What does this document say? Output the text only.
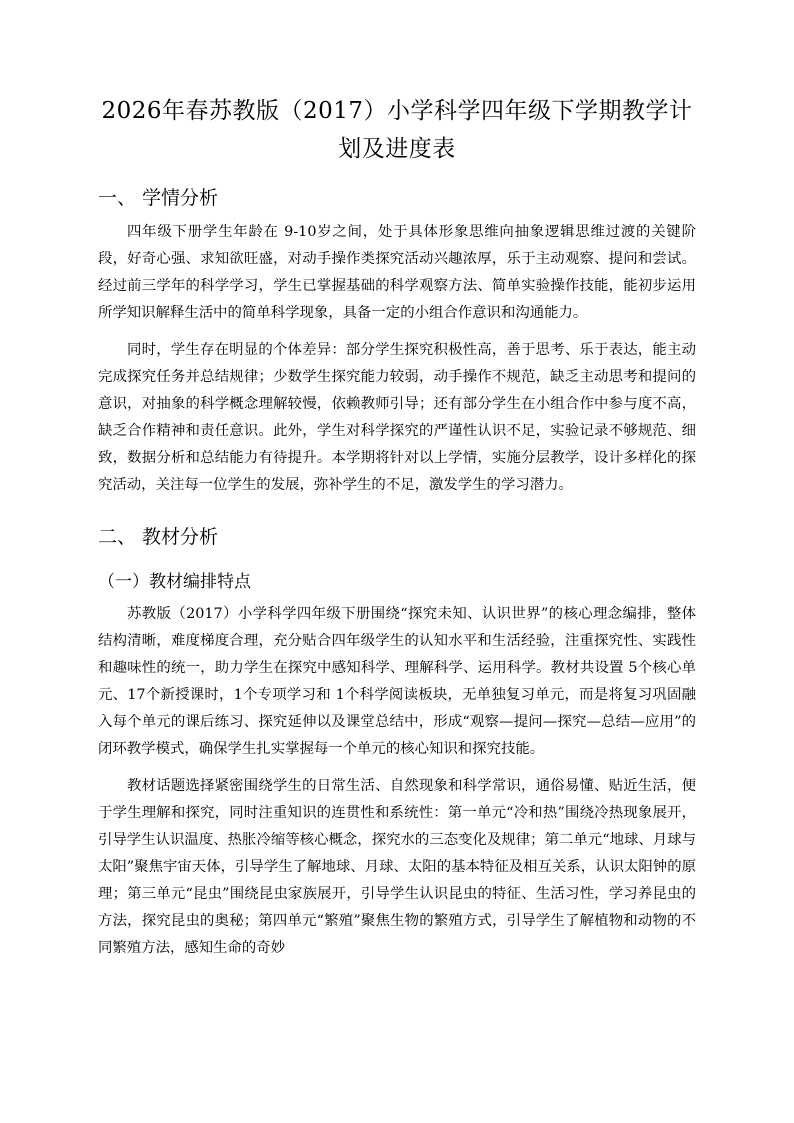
2026年春苏教版（2017）小学科学四年级下学期教学计
划及进度表
一、 学情分析

四年级下册学生年龄在 9-10岁之间，处于具体形象思维向抽象逻辑思维过渡的关键阶段，好奇心强、求知欲旺盛，对动手操作类探究活动兴趣浓厚，乐于主动观察、提问和尝试。经过前三学年的科学学习，学生已掌握基础的科学观察方法、简单实验操作技能，能初步运用所学知识解释生活中的简单科学现象，具备一定的小组合作意识和沟通能力。

同时，学生存在明显的个体差异：部分学生探究积极性高，善于思考、乐于表达，能主动完成探究任务并总结规律；少数学生探究能力较弱，动手操作不规范，缺乏主动思考和提问的意识，对抽象的科学概念理解较慢，依赖教师引导；还有部分学生在小组合作中参与度不高，缺乏合作精神和责任意识。此外，学生对科学探究的严谨性认识不足，实验记录不够规范、细致，数据分析和总结能力有待提升。本学期将针对以上学情，实施分层教学，设计多样化的探究活动，关注每一位学生的发展，弥补学生的不足，激发学生的学习潜力。

二、 教材分析
（一）教材编排特点

苏教版（2017）小学科学四年级下册围绕“探究未知、认识世界”的核心理念编排，整体结构清晰，难度梯度合理，充分贴合四年级学生的认知水平和生活经验，注重探究性、实践性和趣味性的统一，助力学生在探究中感知科学、理解科学、运用科学。教材共设置 5个核心单元、17个新授课时，1个专项学习和 1个科学阅读板块，无单独复习单元，而是将复习巩固融入每个单元的课后练习、探究延伸以及课堂总结中，形成“观察—提问—探究—总结—应用”的闭环教学模式，确保学生扎实掌握每一个单元的核心知识和探究技能。

教材话题选择紧密围绕学生的日常生活、自然现象和科学常识，通俗易懂、贴近生活，便于学生理解和探究，同时注重知识的连贯性和系统性：第一单元“冷和热”围绕冷热现象展开，引导学生认识温度、热胀冷缩等核心概念，探究水的三态变化及规律；第二单元“地球、月球与太阳”聚焦宇宙天体，引导学生了解地球、月球、太阳的基本特征及相互关系，认识太阳钟的原理；第三单元“昆虫”围绕昆虫家族展开，引导学生认识昆虫的特征、生活习性，学习养昆虫的方法，探究昆虫的奥秘；第四单元“繁殖”聚焦生物的繁殖方式，引导学生了解植物和动物的不同繁殖方法，感知生命的奇妙
